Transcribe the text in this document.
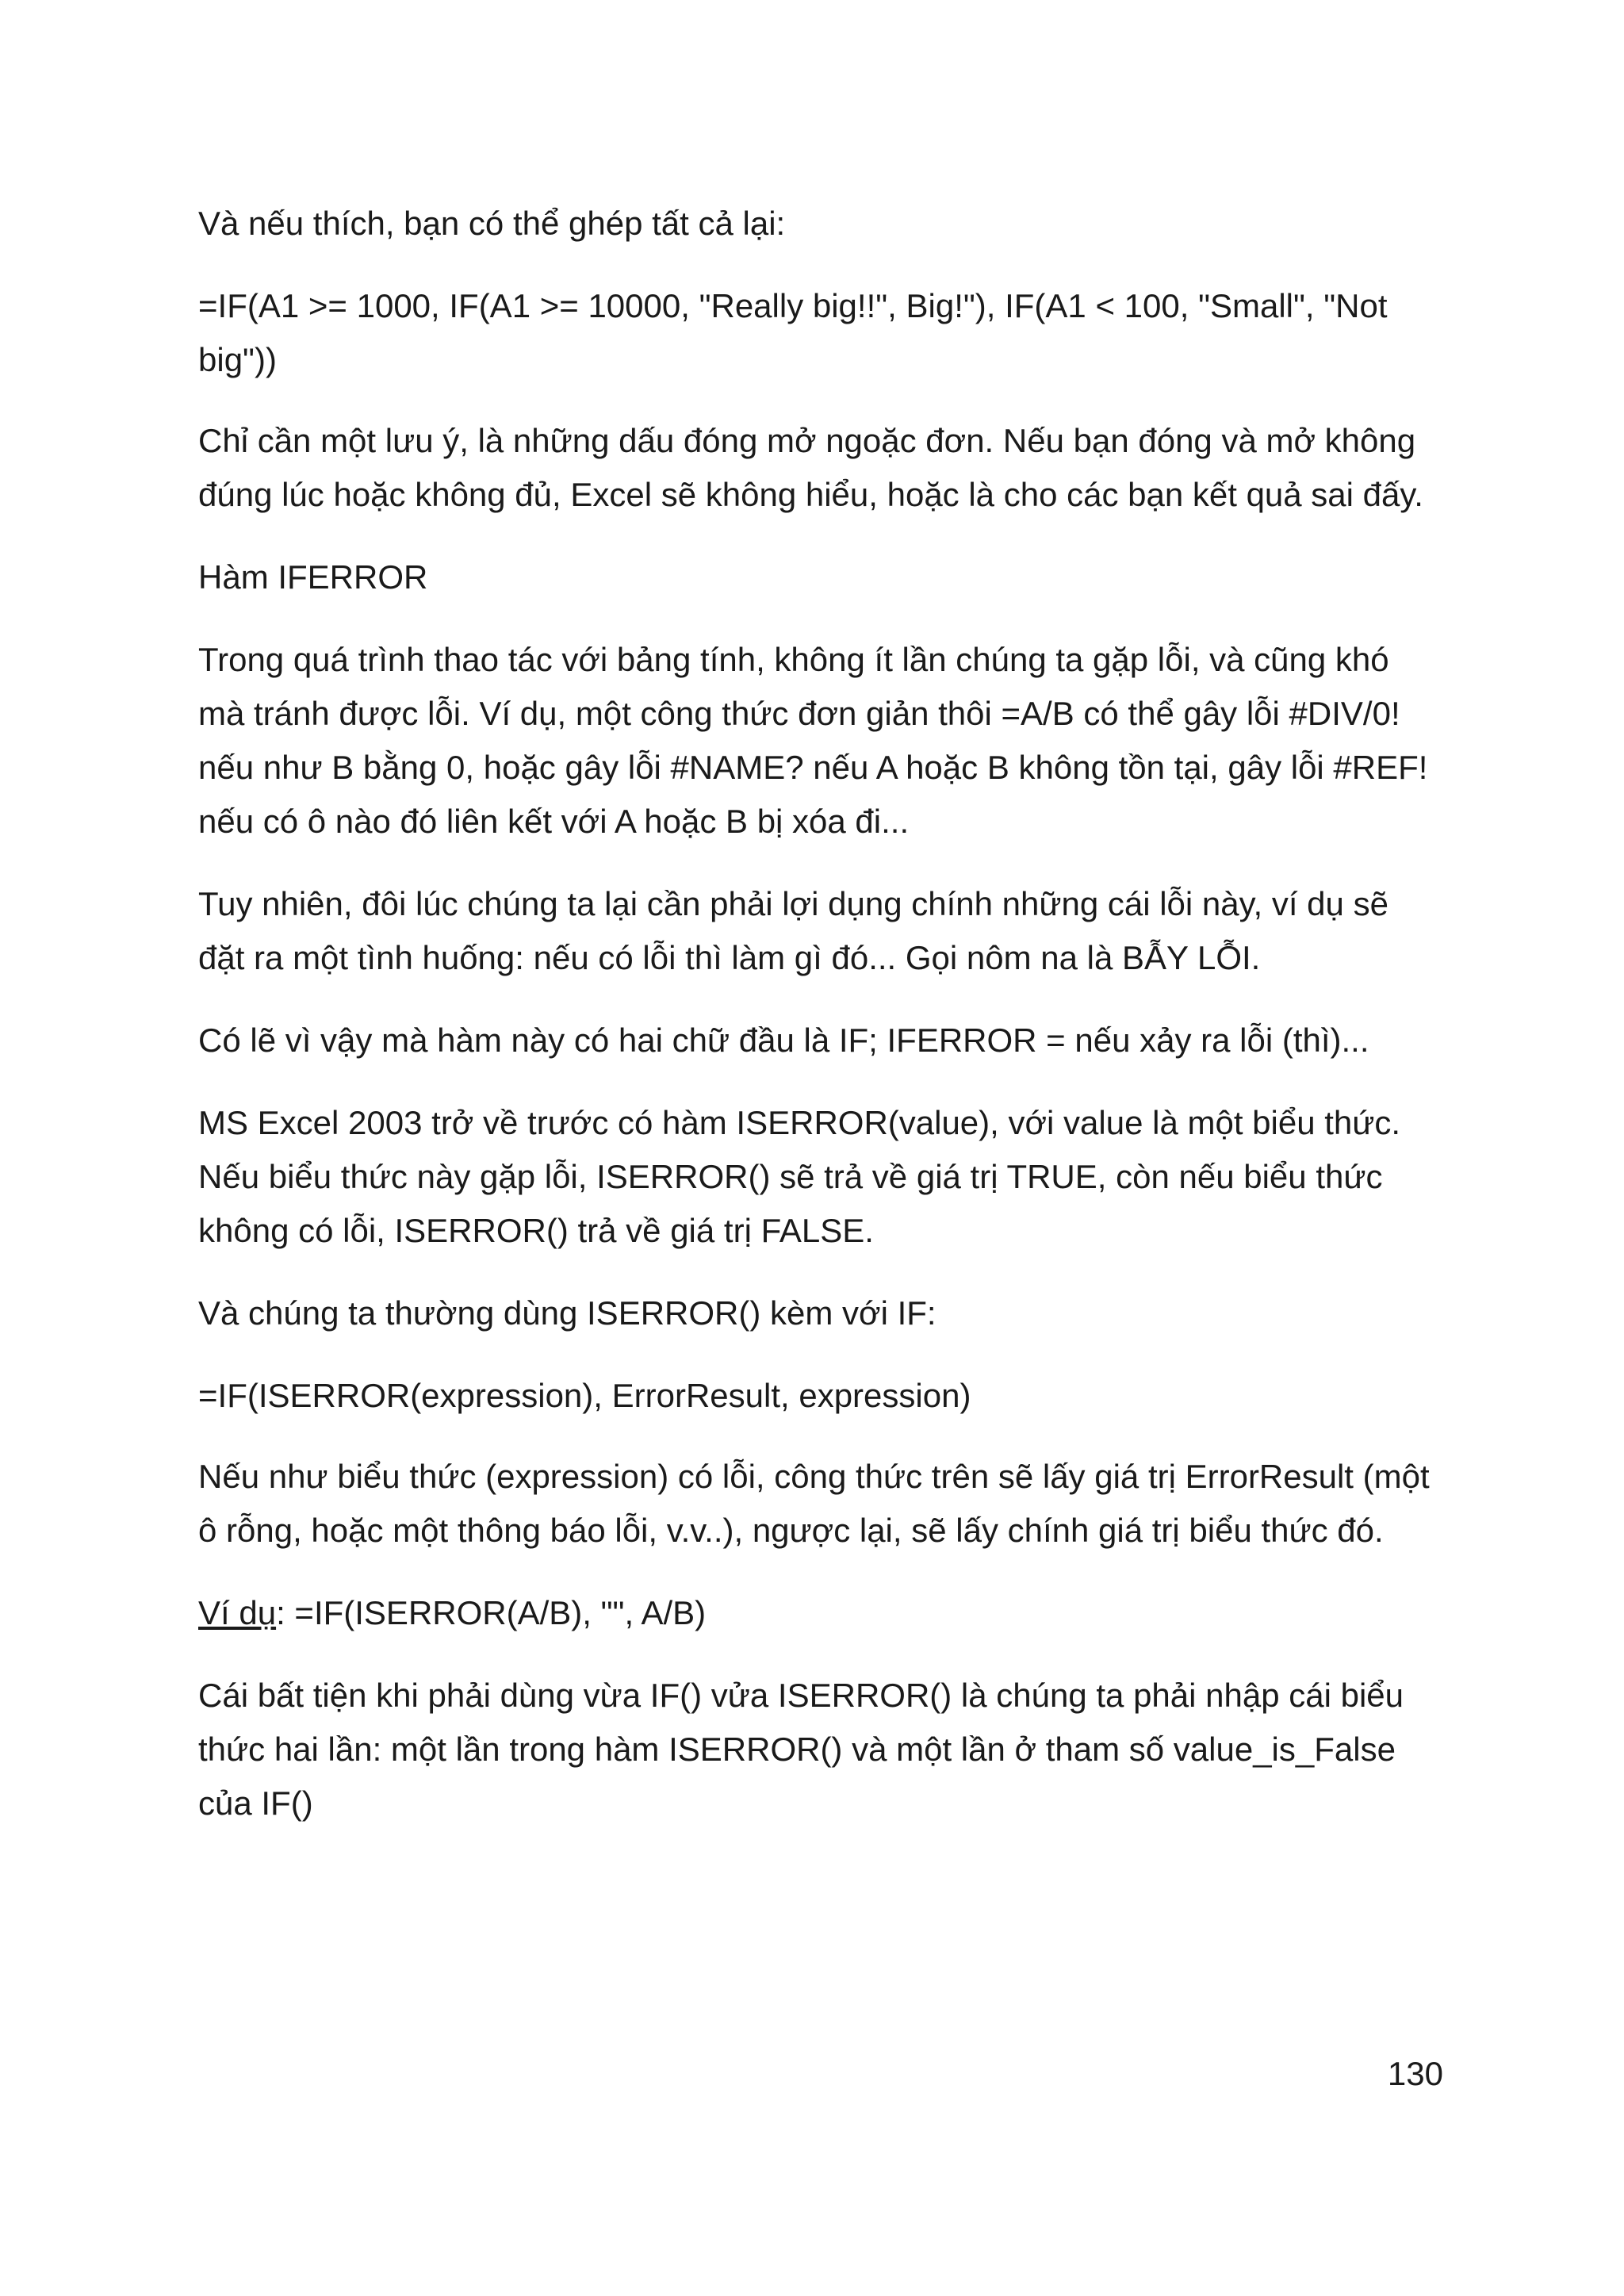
Và nếu thích, bạn có thể ghép tất cả lại:

=IF(A1 >= 1000, IF(A1 >= 10000, "Really big!!", Big!"), IF(A1 < 100, "Small", "Not big"))

Chỉ cần một lưu ý, là những dấu đóng mở ngoặc đơn. Nếu bạn đóng và mở không đúng lúc hoặc không đủ, Excel sẽ không hiểu, hoặc là cho các bạn kết quả sai đấy.

Hàm IFERROR

Trong quá trình thao tác với bảng tính, không ít lần chúng ta gặp lỗi, và cũng khó mà tránh được lỗi. Ví dụ, một công thức đơn giản thôi =A/B có thể gây lỗi #DIV/0! nếu như B bằng 0, hoặc gây lỗi #NAME? nếu A hoặc B không tồn tại, gây lỗi #REF! nếu có ô nào đó liên kết với A hoặc B bị xóa đi...

Tuy nhiên, đôi lúc chúng ta lại cần phải lợi dụng chính những cái lỗi này, ví dụ sẽ đặt ra một tình huống: nếu có lỗi thì làm gì đó... Gọi nôm na là BẪY LỖI.

Có lẽ vì vậy mà hàm này có hai chữ đầu là IF; IFERROR = nếu xảy ra lỗi (thì)...

MS Excel 2003 trở về trước có hàm ISERROR(value), với value là một biểu thức. Nếu biểu thức này gặp lỗi, ISERROR() sẽ trả về giá trị TRUE, còn nếu biểu thức không có lỗi, ISERROR() trả về giá trị FALSE.

Và chúng ta thường dùng ISERROR() kèm với IF:

=IF(ISERROR(expression), ErrorResult, expression)

Nếu như biểu thức (expression) có lỗi, công thức trên sẽ lấy giá trị ErrorResult (một ô rỗng, hoặc một thông báo lỗi, v.v..), ngược lại, sẽ lấy chính giá trị biểu thức đó.

Ví dụ: =IF(ISERROR(A/B), "", A/B)

Cái bất tiện khi phải dùng vừa IF() vửa ISERROR() là chúng ta phải nhập cái biểu thức hai lần: một lần trong hàm ISERROR() và một lần ở tham số value_is_False của IF()

130
